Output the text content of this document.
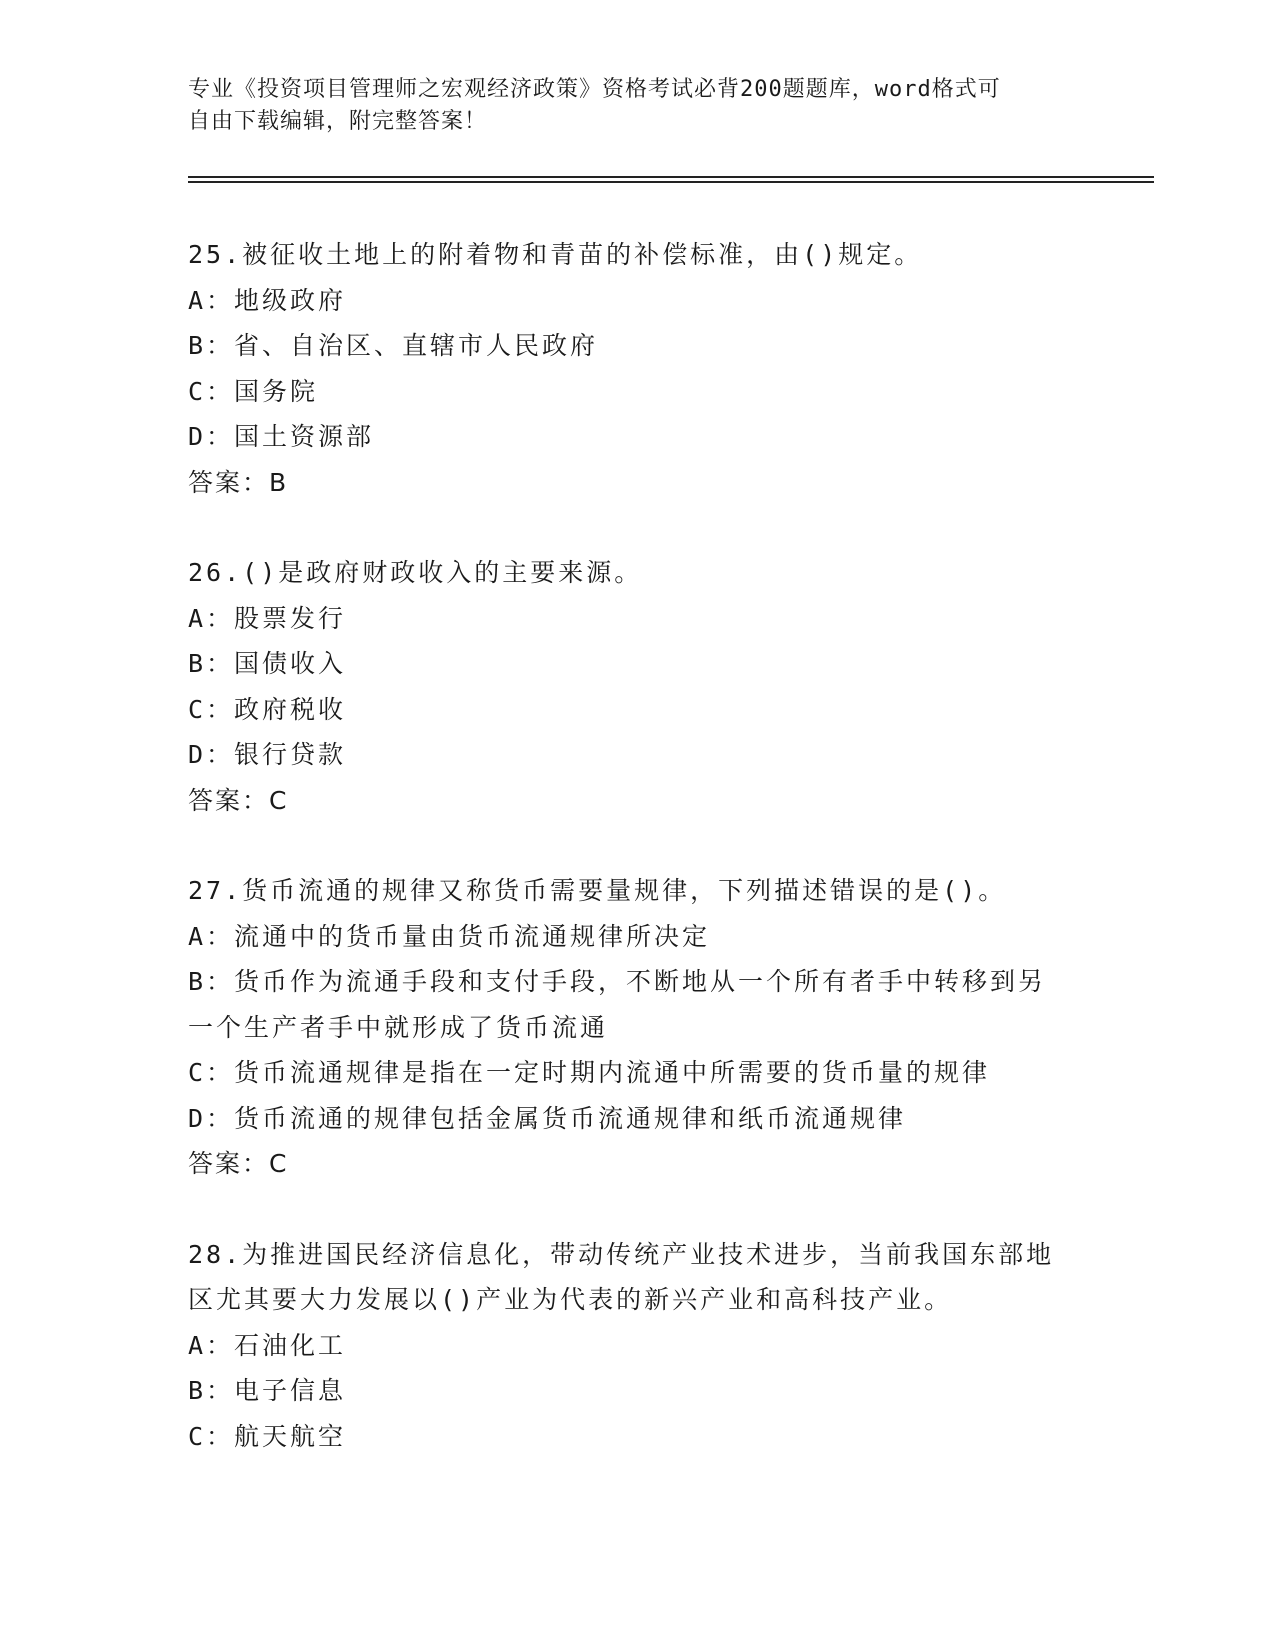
专业《投资项目管理师之宏观经济政策》资格考试必背200题题库，word格式可
自由下载编辑，附完整答案！
25.被征收土地上的附着物和青苗的补偿标准，由()规定。
A：地级政府
B：省、自治区、直辖市人民政府
C：国务院
D：国土资源部
答案：B
26.()是政府财政收入的主要来源。
A：股票发行
B：国债收入
C：政府税收
D：银行贷款
答案：C
27.货币流通的规律又称货币需要量规律，下列描述错误的是()。
A：流通中的货币量由货币流通规律所决定
B：货币作为流通手段和支付手段，不断地从一个所有者手中转移到另
一个生产者手中就形成了货币流通
C：货币流通规律是指在一定时期内流通中所需要的货币量的规律
D：货币流通的规律包括金属货币流通规律和纸币流通规律
答案：C
28.为推进国民经济信息化，带动传统产业技术进步，当前我国东部地
区尤其要大力发展以()产业为代表的新兴产业和高科技产业。
A：石油化工
B：电子信息
C：航天航空
